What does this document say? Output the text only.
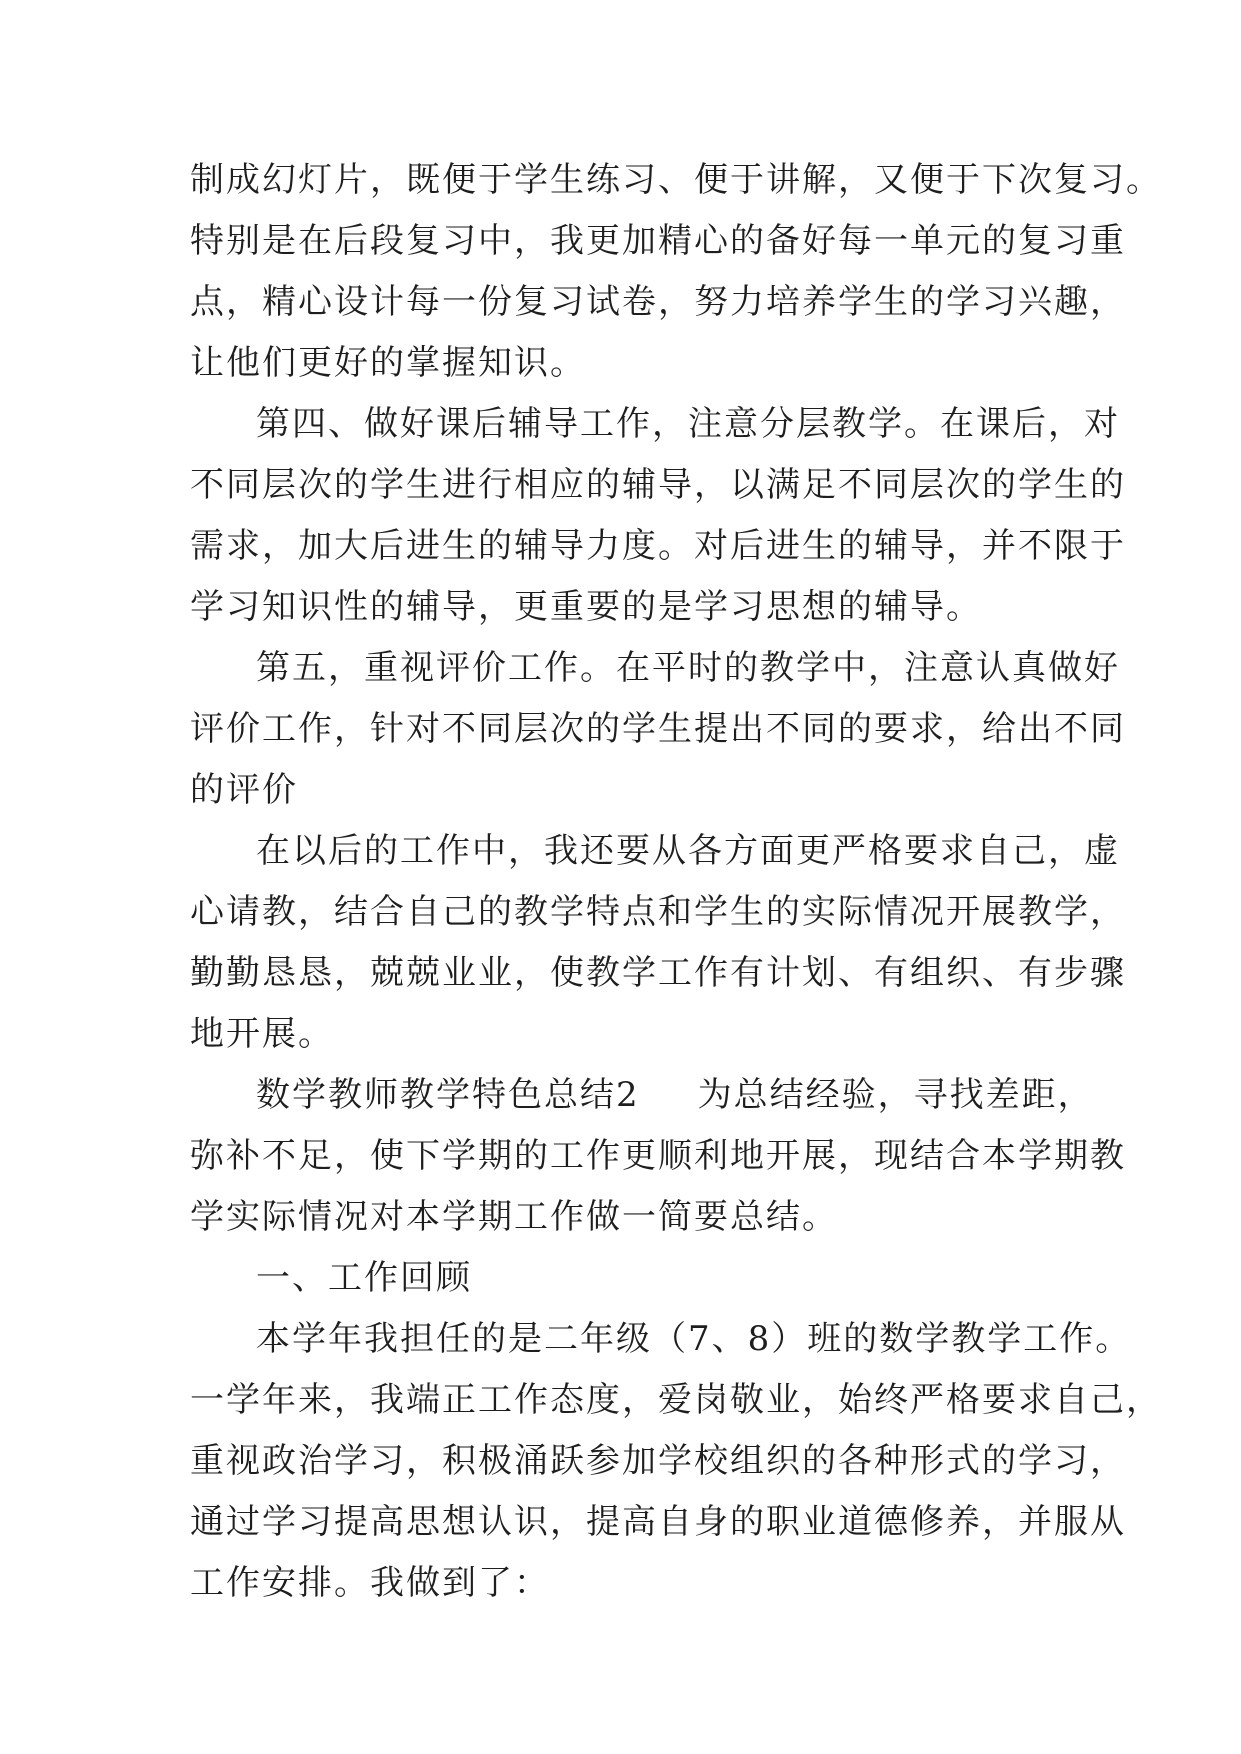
制成幻灯片，既便于学生练习、便于讲解，又便于下次复习。
特别是在后段复习中，我更加精心的备好每一单元的复习重
点，精心设计每一份复习试卷，努力培养学生的学习兴趣，
让他们更好的掌握知识。
第四、做好课后辅导工作，注意分层教学。在课后，对
不同层次的学生进行相应的辅导，以满足不同层次的学生的
需求，加大后进生的辅导力度。对后进生的辅导，并不限于
学习知识性的辅导，更重要的是学习思想的辅导。
第五，重视评价工作。在平时的教学中，注意认真做好
评价工作，针对不同层次的学生提出不同的要求，给出不同
的评价
在以后的工作中，我还要从各方面更严格要求自己，虚
心请教，结合自己的教学特点和学生的实际情况开展教学，
勤勤恳恳，兢兢业业，使教学工作有计划、有组织、有步骤
地开展。
数学教师教学特色总结2 为总结经验，寻找差距，
弥补不足，使下学期的工作更顺利地开展，现结合本学期教
学实际情况对本学期工作做一简要总结。
一、工作回顾
本学年我担任的是二年级（7、8）班的数学教学工作。
一学年来，我端正工作态度，爱岗敬业，始终严格要求自己，
重视政治学习，积极涌跃参加学校组织的各种形式的学习，
通过学习提高思想认识，提高自身的职业道德修养，并服从
工作安排。我做到了：
